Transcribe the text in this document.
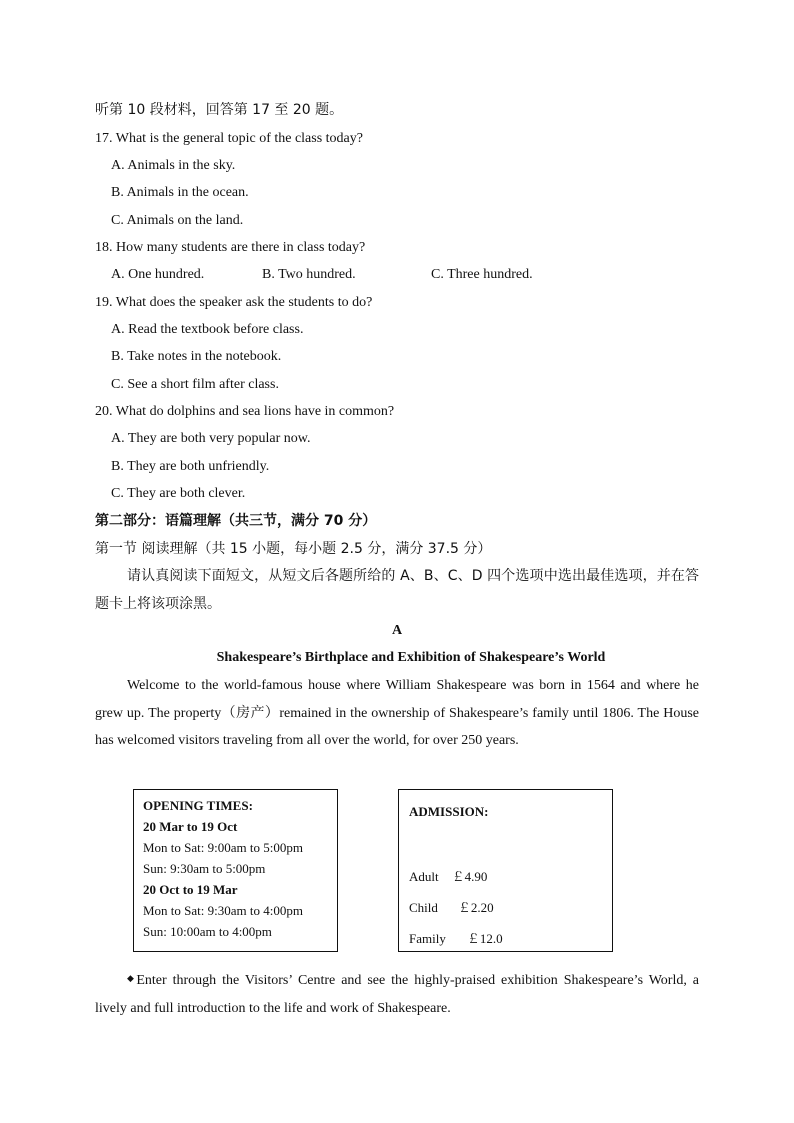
听第 10 段材料，回答第 17 至 20 题。
17. What is the general topic of the class today?
A. Animals in the sky.
B. Animals in the ocean.
C. Animals on the land.
18. How many students are there in class today?
A. One hundred.	B. Two hundred.	C. Three hundred.
19. What does the speaker ask the students to do?
A. Read the textbook before class.
B. Take notes in the notebook.
C. See a short film after class.
20. What do dolphins and sea lions have in common?
A. They are both very popular now.
B. They are both unfriendly.
C. They are both clever.
第二部分：语篇理解（共三节，满分 70 分）
第一节 阅读理解（共 15 小题，每小题 2.5 分，满分 37.5 分）
请认真阅读下面短文，从短文后各题所给的 A、B、C、D 四个选项中选出最佳选项，并在答题卡上将该项涂黑。
A
Shakespeare’s Birthplace and Exhibition of Shakespeare’s World
Welcome to the world-famous house where William Shakespeare was born in 1564 and where he grew up. The property（房产）remained in the ownership of Shakespeare’s family until 1806. The House has welcomed visitors traveling from all over the world, for over 250 years.
OPENING TIMES:
20 Mar to 19 Oct
Mon to Sat: 9:00am to 5:00pm
Sun: 9:30am to 5:00pm
20 Oct to 19 Mar
Mon to Sat: 9:30am to 4:00pm
Sun: 10:00am to 4:00pm
ADMISSION:
Adult ￡4.90
Child ￡2.20
Family ￡12.0
◆Enter through the Visitors’ Centre and see the highly-praised exhibition Shakespeare’s World, a lively and full introduction to the life and work of Shakespeare.
